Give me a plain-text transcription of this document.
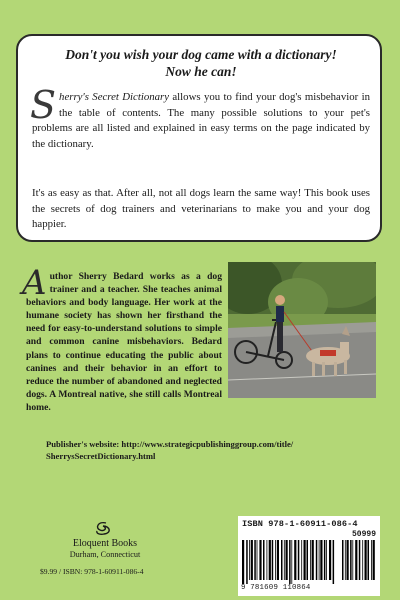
Don't you wish your dog came with a dictionary!
Now he can!
Sherry's Secret Dictionary allows you to find your dog's misbehavior in the table of contents. The many possible solutions to your pet's problems are all listed and explained in easy terms on the page indicated by the dictionary.
It's as easy as that. After all, not all dogs learn the same way! This book uses the secrets of dog trainers and veterinarians to make you and your dog happier.
Author Sherry Bedard works as a dog trainer and a teacher. She teaches animal behaviors and body language. Her work at the humane society has shown her firsthand the need for easy-to-understand solutions to simple and common canine misbehaviors. Bedard plans to continue educating the public about canines and their behavior in an effort to reduce the number of abandoned and neglected dogs. A Montreal native, she still calls Montreal home.
Publisher's website: http://www.strategicpublishinggroup.com/title/
SherrysSecretDictionary.html
Eloquent Books
Durham, Connecticut
$9.99 / ISBN: 978-1-60911-086-4
ISBN 978-1-60911-086-4
50999
9 781609 110864
